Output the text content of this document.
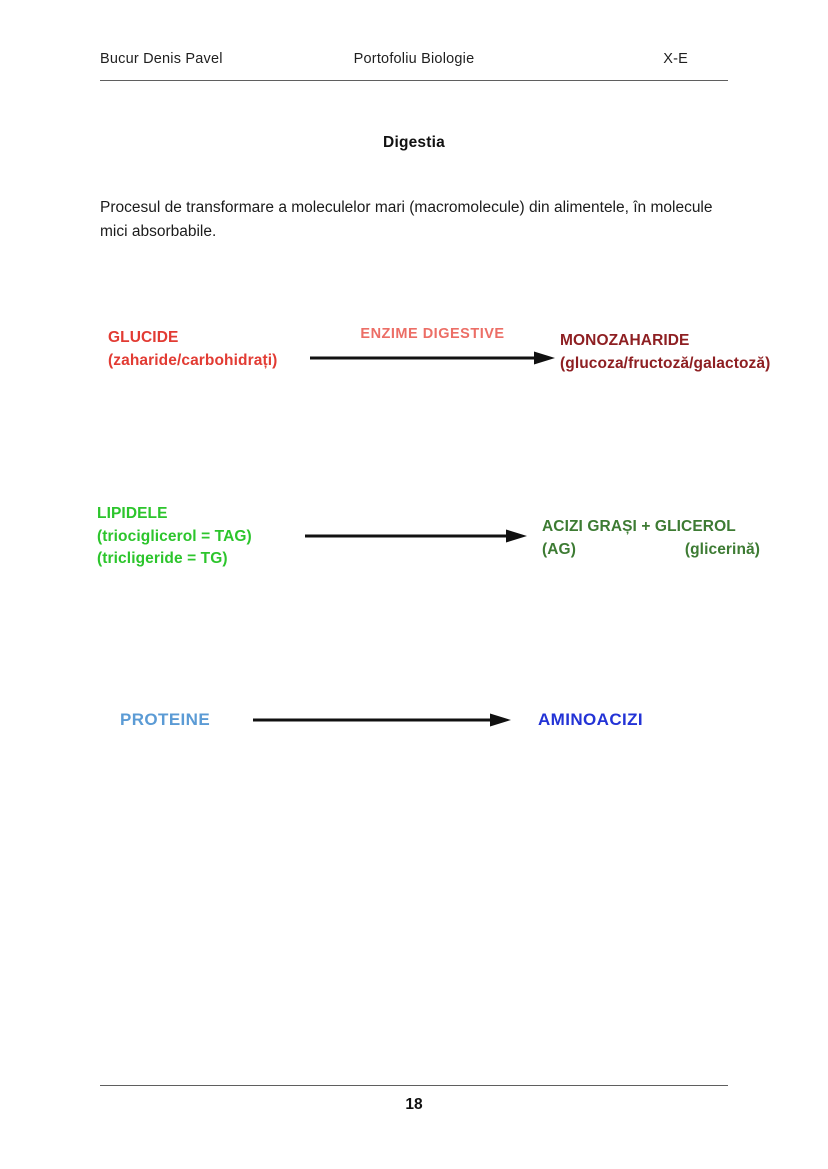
Bucur Denis Pavel	Portofoliu Biologie	X-E
Digestia

Procesul de transformare a moleculelor mari (macromolecule) din alimentele, în molecule mici absorbabile.

GLUCIDE
(zaharide/carbohidrați)
ENZIME DIGESTIVE	MONOZAHARIDE
(glucoza/fructoză/galactoză)
LIPIDELE
(triociglicerol = TAG)
(tricligeride = TG)
ACIZI GRAȘI + GLICEROL
(AG)	(glicerină)
PROTEINE	AMINOACIZI
18
